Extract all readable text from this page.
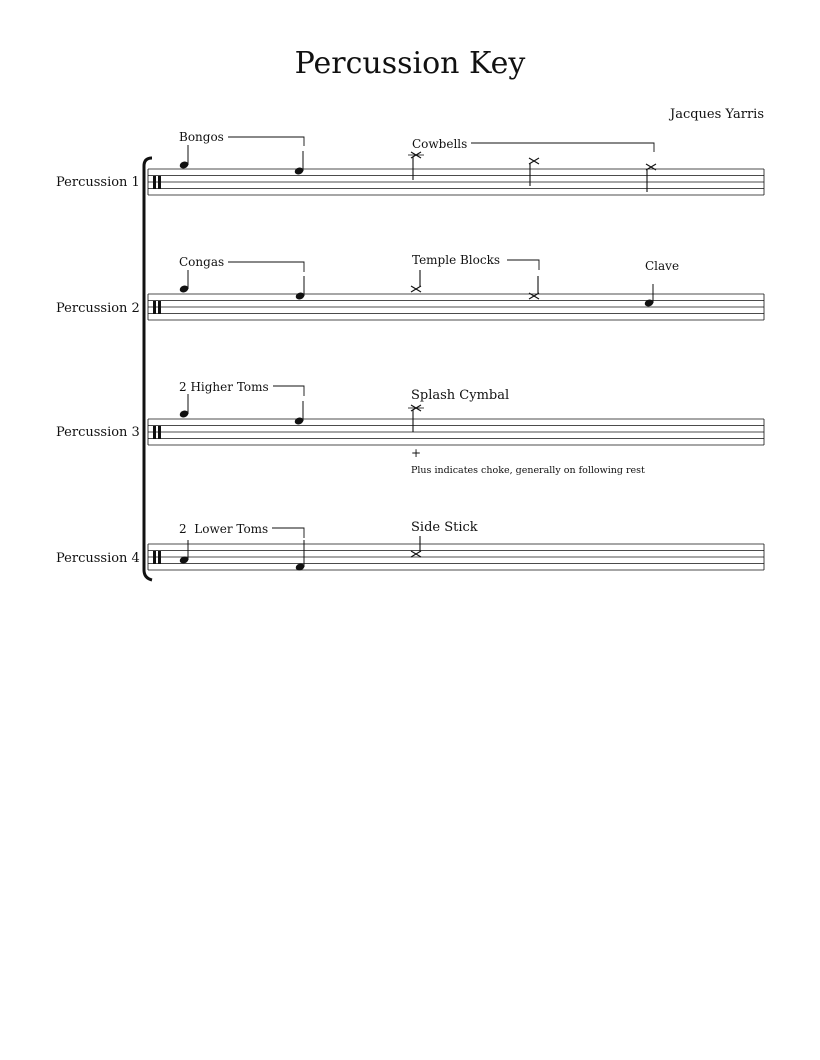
Percussion Key
Jacques Yarris
Percussion 1
Bongos	Cowbells
Percussion 2
Congas	Temple Blocks	Clave
Percussion 3
2 Higher Toms
Splash Cymbal
+
Plus indicates choke, generally on following rest
Percussion 4
2  Lower Toms	Side Stick
